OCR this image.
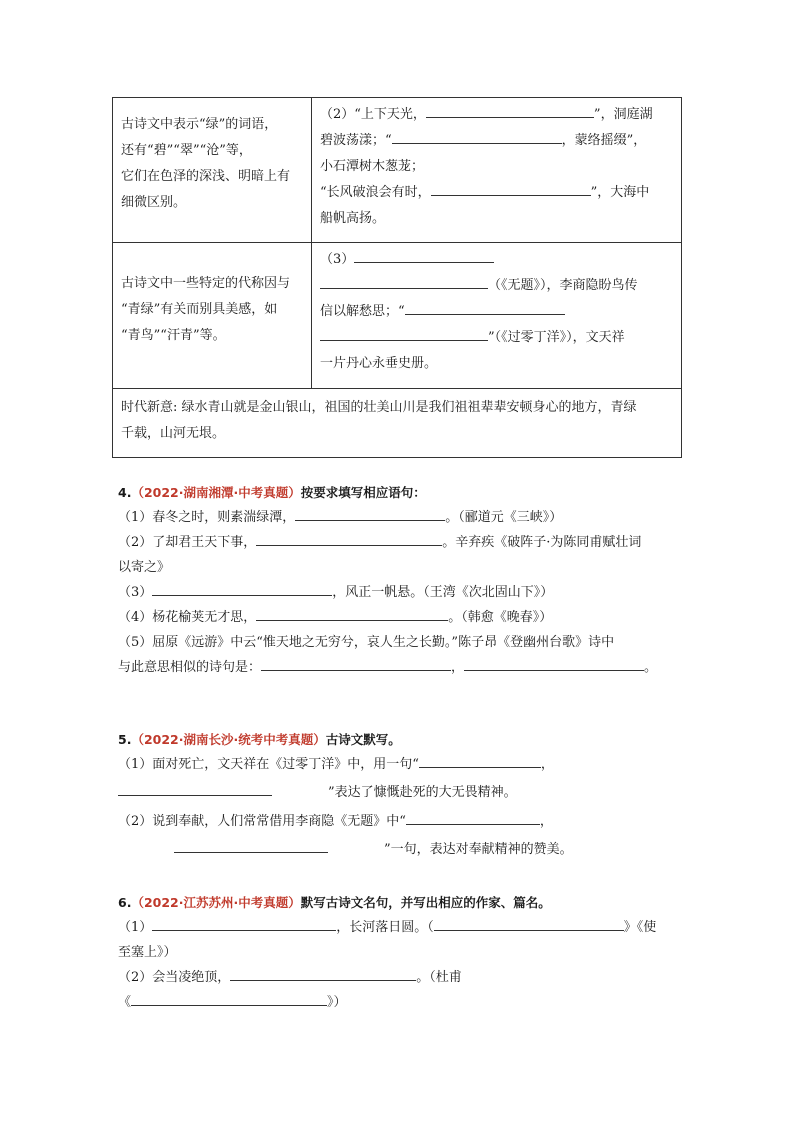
古诗文中表示“绿”的词语，
还有“碧”“翠”“沧”等，
它们在色泽的深浅、明暗上有
细微区别。	（2）“上下天光， ”，洞庭湖
碧波荡漾；“ ，蒙络摇缀”，
小石潭树木葱茏；
“长风破浪会有时， ”，大海中
船帆高扬。

古诗文中一些特定的代称因与
“青绿”有关而别具美感，如
“青鸟”“汗青”等。	（3）
（《无题》），李商隐盼鸟传
信以解愁思；“
”（《过零丁洋》），文天祥
一片丹心永垂史册。

时代新意: 绿水青山就是金山银山，祖国的壮美山川是我们祖祖辈辈安顿身心的地方，青绿
千载，山河无垠。	
4.（2022·湖南湘潭·中考真题）按要求填写相应语句：
（1）春冬之时，则素湍绿潭，	。（郦道元《三峡》）
（2）了却君王天下事，	。辛弃疾《破阵子·为陈同甫赋壮词
以寄之》
（3）	，风正一帆悬。（王湾《次北固山下》）
（4）杨花榆荚无才思，	。（韩愈《晚春》）
（5）屈原《远游》中云“惟天地之无穷兮，哀人生之长勤。”陈子昂《登幽州台歌》诗中
与此意思相似的诗句是：	，	。
5.（2022·湖南长沙·统考中考真题）古诗文默写。
（1）面对死亡，文天祥在《过零丁洋》中，用一句“	，
”表达了慷慨赴死的大无畏精神。
（2）说到奉献，人们常常借用李商隐《无题》中“	，
”一句，表达对奉献精神的赞美。
6.（2022·江苏苏州·中考真题）默写古诗文名句，并写出相应的作家、篇名。
（1）	，长河落日圆。（	》《使
至塞上》）
（2）会当凌绝顶，	。（杜甫
《	》）
